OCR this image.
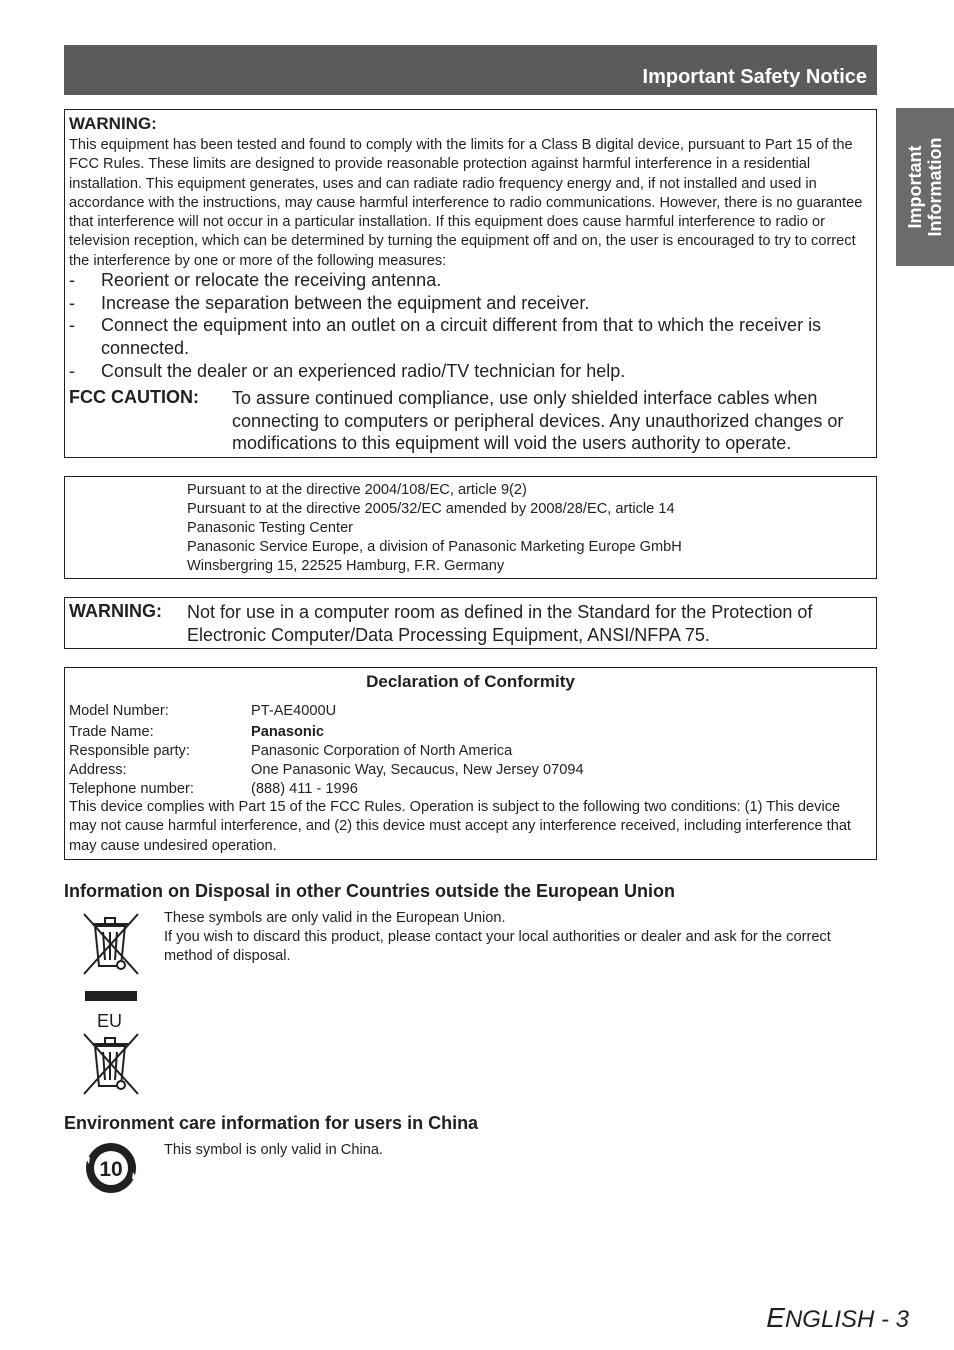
Important Safety Notice
Important Information
WARNING:
This equipment has been tested and found to comply with the limits for a Class B digital device, pursuant to Part 15 of the FCC Rules. These limits are designed to provide reasonable protection against harmful interference in a residential installation. This equipment generates, uses and can radiate radio frequency energy and, if not installed and used in accordance with the instructions, may cause harmful interference to radio communications. However, there is no guarantee that interference will not occur in a particular installation. If this equipment does cause harmful interference to radio or television reception, which can be determined by turning the equipment off and on, the user is encouraged to try to correct the interference by one or more of the following measures:
- Reorient or relocate the receiving antenna.
- Increase the separation between the equipment and receiver.
- Connect the equipment into an outlet on a circuit different from that to which the receiver is connected.
- Consult the dealer or an experienced radio/TV technician for help.
FCC CAUTION: To assure continued compliance, use only shielded interface cables when connecting to computers or peripheral devices. Any unauthorized changes or modifications to this equipment will void the users authority to operate.
Pursuant to at the directive 2004/108/EC, article 9(2)
Pursuant to at the directive 2005/32/EC amended by 2008/28/EC, article 14
Panasonic Testing Center
Panasonic Service Europe, a division of Panasonic Marketing Europe GmbH
Winsbergring 15, 22525 Hamburg, F.R. Germany
WARNING: Not for use in a computer room as defined in the Standard for the Protection of Electronic Computer/Data Processing Equipment, ANSI/NFPA 75.
Declaration of Conformity
Model Number:	PT-AE4000U
Trade Name:	Panasonic
Responsible party:	Panasonic Corporation of North America
Address:	One Panasonic Way, Secaucus, New Jersey 07094
Telephone number:	(888) 411 - 1996
This device complies with Part 15 of the FCC Rules. Operation is subject to the following two conditions: (1) This device may not cause harmful interference, and (2) this device must accept any interference received, including interference that may cause undesired operation.
Information on Disposal in other Countries outside the European Union
These symbols are only valid in the European Union.
If you wish to discard this product, please contact your local authorities or dealer and ask for the correct method of disposal.
EU
Environment care information for users in China
10
This symbol is only valid in China.
ENGLISH - 3
